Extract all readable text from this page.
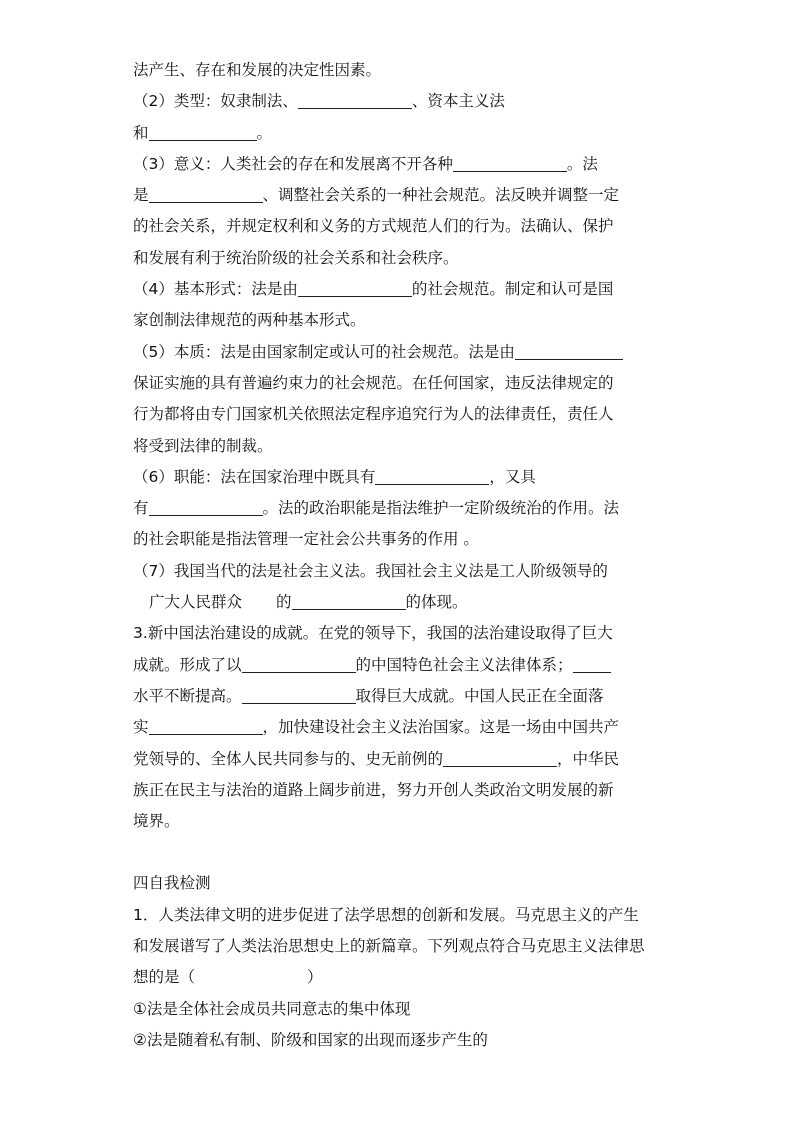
法产生、存在和发展的决定性因素。
（2）类型：奴隶制法、	、资本主义法
和	。
（3）意义：人类社会的存在和发展离不开各种	。法
是	、调整社会关系的一种社会规范。法反映并调整一定
的社会关系，并规定权利和义务的方式规范人们的行为。法确认、保护
和发展有利于统治阶级的社会关系和社会秩序。
（4）基本形式：法是由	的社会规范。制定和认可是国
家创制法律规范的两种基本形式。
（5）本质：法是由国家制定或认可的社会规范。法是由
保证实施的具有普遍约束力的社会规范。在任何国家，违反法律规定的
行为都将由专门国家机关依照法定程序追究行为人的法律责任，责任人
将受到法律的制裁。
（6）职能：法在国家治理中既具有	，又具
有	。法的政治职能是指法维护一定阶级统治的作用。法
的社会职能是指法管理一定社会公共事务的作用 。
（7）我国当代的法是社会主义法。我国社会主义法是工人阶级领导的
广大人民群众 的	的体现。
3.新中国法治建设的成就。在党的领导下，我国的法治建设取得了巨大
成就。形成了以	的中国特色社会主义法律体系；
水平不断提高。	取得巨大成就。中国人民正在全面落
实	，加快建设社会主义法治国家。这是一场由中国共产
党领导的、全体人民共同参与的、史无前例的	，中华民
族正在民主与法治的道路上阔步前进，努力开创人类政治文明发展的新
境界。
四自我检测
1．人类法律文明的进步促进了法学思想的创新和发展。马克思主义的产生
和发展谱写了人类法治思想史上的新篇章。下列观点符合马克思主义法律思
想的是（	）
①法是全体社会成员共同意志的集中体现
②法是随着私有制、阶级和国家的出现而逐步产生的
